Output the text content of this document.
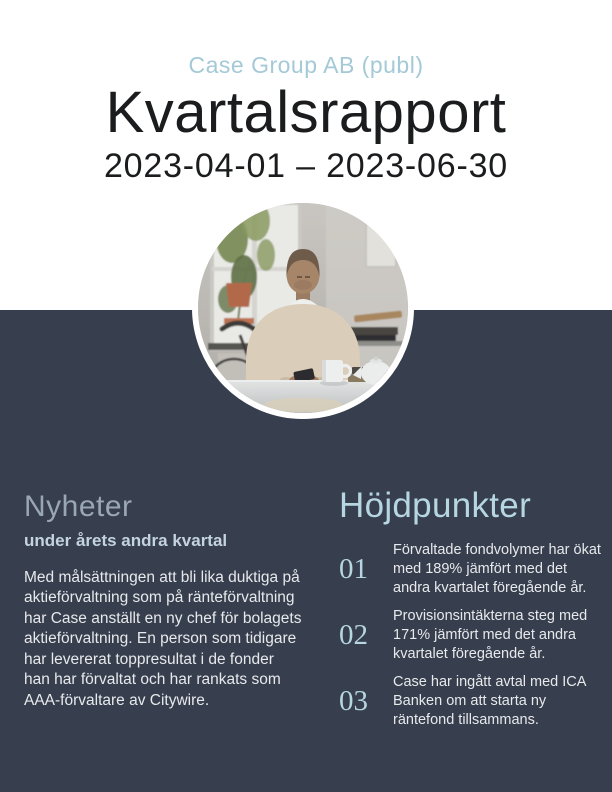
Case Group AB (publ)
Kvartalsrapport
2023-04-01 – 2023-06-30
Nyheter
under årets andra kvartal

Med målsättningen att bli lika duktiga på aktieförvaltning som på ränteförvaltning har Case anställt en ny chef för bolagets aktieförvaltning. En person som tidigare har levererat toppresultat i de fonder han har förvaltat och har rankats som AAA-förvaltare av Citywire.

Höjdpunkter
01
Förvaltade fondvolymer har ökat med 189% jämfört med det andra kvartalet föregående år.
02
Provisionsintäkterna steg med 171% jämfört med det andra kvartalet föregående år.
03
Case har ingått avtal med ICA Banken om att starta ny räntefond tillsammans.
